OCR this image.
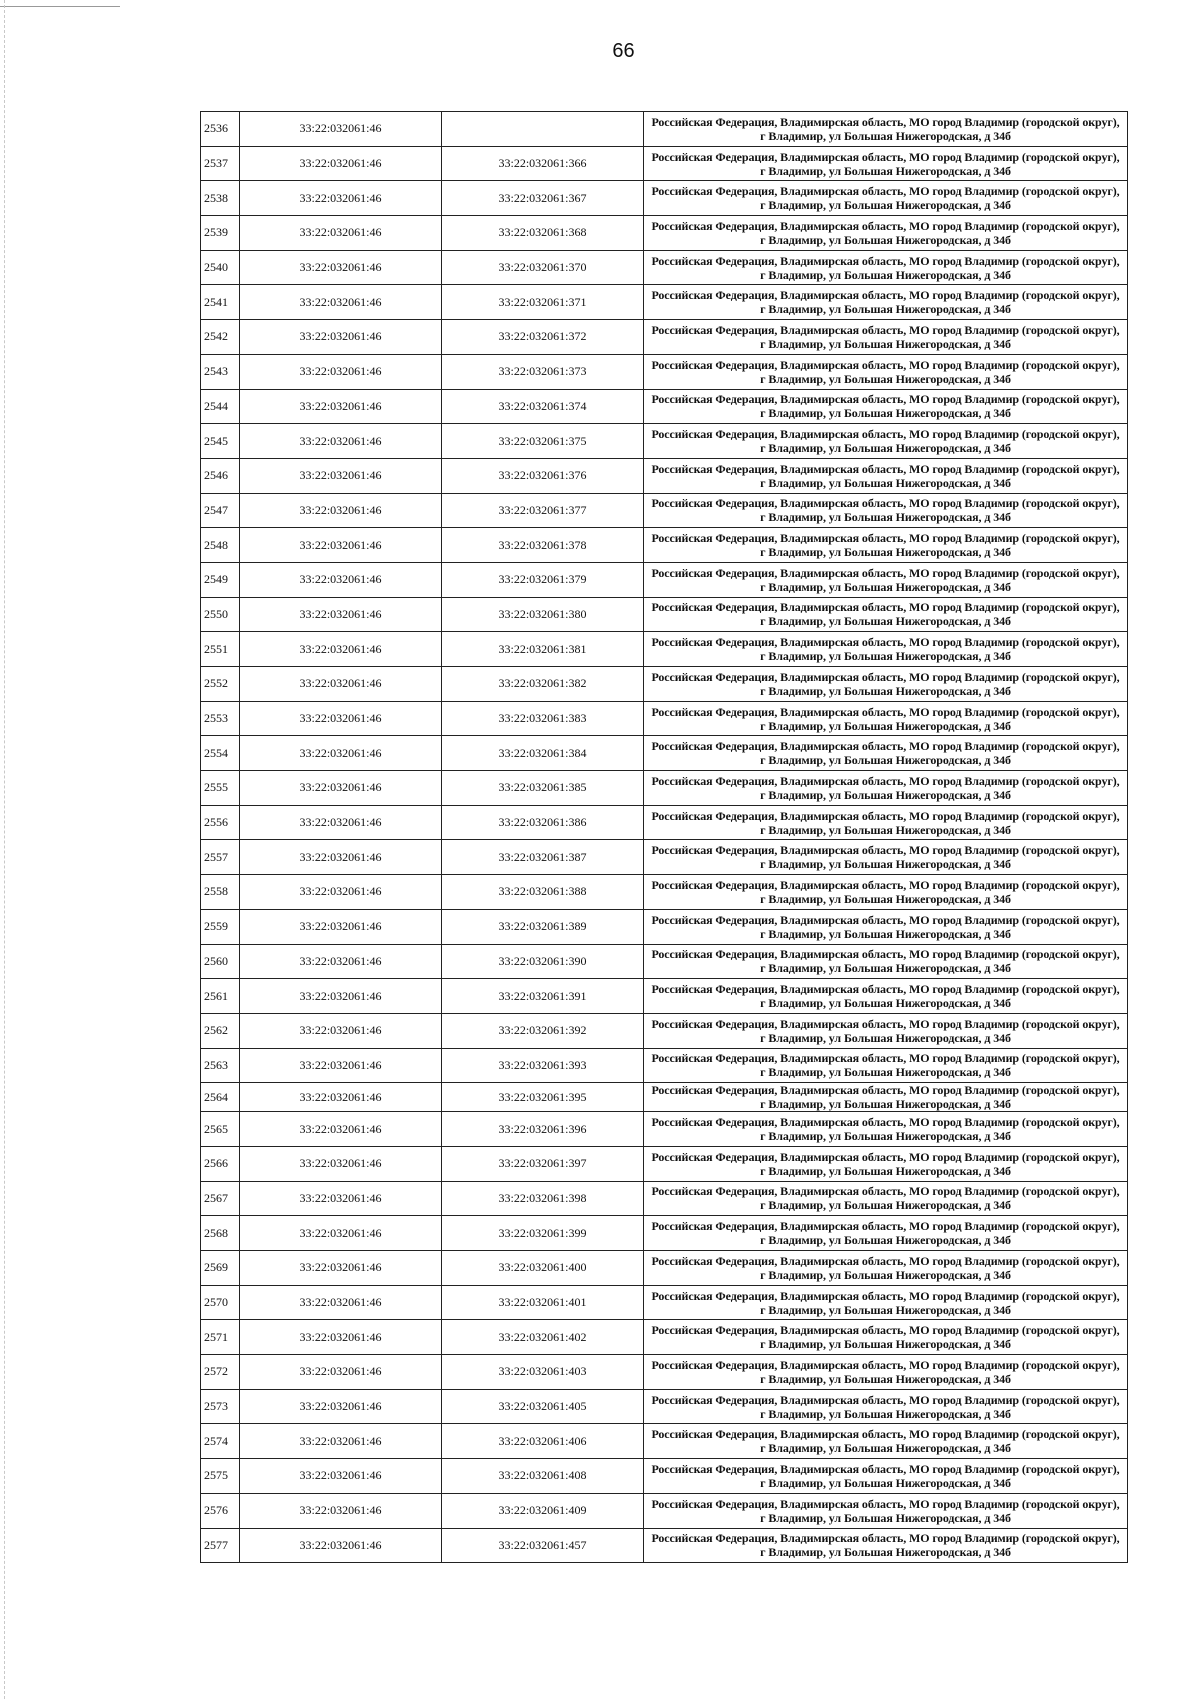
66
2536	33:22:032061:46		Российская Федерация, Владимирская область, МО город Владимир (городской округ),
г Владимир, ул Большая Нижегородская, д 34б

2537	33:22:032061:46	33:22:032061:366	Российская Федерация, Владимирская область, МО город Владимир (городской округ),
г Владимир, ул Большая Нижегородская, д 34б

2538	33:22:032061:46	33:22:032061:367	Российская Федерация, Владимирская область, МО город Владимир (городской округ),
г Владимир, ул Большая Нижегородская, д 34б

2539	33:22:032061:46	33:22:032061:368	Российская Федерация, Владимирская область, МО город Владимир (городской округ),
г Владимир, ул Большая Нижегородская, д 34б

2540	33:22:032061:46	33:22:032061:370	Российская Федерация, Владимирская область, МО город Владимир (городской округ),
г Владимир, ул Большая Нижегородская, д 34б

2541	33:22:032061:46	33:22:032061:371	Российская Федерация, Владимирская область, МО город Владимир (городской округ),
г Владимир, ул Большая Нижегородская, д 34б

2542	33:22:032061:46	33:22:032061:372	Российская Федерация, Владимирская область, МО город Владимир (городской округ),
г Владимир, ул Большая Нижегородская, д 34б

2543	33:22:032061:46	33:22:032061:373	Российская Федерация, Владимирская область, МО город Владимир (городской округ),
г Владимир, ул Большая Нижегородская, д 34б

2544	33:22:032061:46	33:22:032061:374	Российская Федерация, Владимирская область, МО город Владимир (городской округ),
г Владимир, ул Большая Нижегородская, д 34б

2545	33:22:032061:46	33:22:032061:375	Российская Федерация, Владимирская область, МО город Владимир (городской округ),
г Владимир, ул Большая Нижегородская, д 34б

2546	33:22:032061:46	33:22:032061:376	Российская Федерация, Владимирская область, МО город Владимир (городской округ),
г Владимир, ул Большая Нижегородская, д 34б

2547	33:22:032061:46	33:22:032061:377	Российская Федерация, Владимирская область, МО город Владимир (городской округ),
г Владимир, ул Большая Нижегородская, д 34б

2548	33:22:032061:46	33:22:032061:378	Российская Федерация, Владимирская область, МО город Владимир (городской округ),
г Владимир, ул Большая Нижегородская, д 34б

2549	33:22:032061:46	33:22:032061:379	Российская Федерация, Владимирская область, МО город Владимир (городской округ),
г Владимир, ул Большая Нижегородская, д 34б

2550	33:22:032061:46	33:22:032061:380	Российская Федерация, Владимирская область, МО город Владимир (городской округ),
г Владимир, ул Большая Нижегородская, д 34б

2551	33:22:032061:46	33:22:032061:381	Российская Федерация, Владимирская область, МО город Владимир (городской округ),
г Владимир, ул Большая Нижегородская, д 34б

2552	33:22:032061:46	33:22:032061:382	Российская Федерация, Владимирская область, МО город Владимир (городской округ),
г Владимир, ул Большая Нижегородская, д 34б

2553	33:22:032061:46	33:22:032061:383	Российская Федерация, Владимирская область, МО город Владимир (городской округ),
г Владимир, ул Большая Нижегородская, д 34б

2554	33:22:032061:46	33:22:032061:384	Российская Федерация, Владимирская область, МО город Владимир (городской округ),
г Владимир, ул Большая Нижегородская, д 34б

2555	33:22:032061:46	33:22:032061:385	Российская Федерация, Владимирская область, МО город Владимир (городской округ),
г Владимир, ул Большая Нижегородская, д 34б

2556	33:22:032061:46	33:22:032061:386	Российская Федерация, Владимирская область, МО город Владимир (городской округ),
г Владимир, ул Большая Нижегородская, д 34б

2557	33:22:032061:46	33:22:032061:387	Российская Федерация, Владимирская область, МО город Владимир (городской округ),
г Владимир, ул Большая Нижегородская, д 34б

2558	33:22:032061:46	33:22:032061:388	Российская Федерация, Владимирская область, МО город Владимир (городской округ),
г Владимир, ул Большая Нижегородская, д 34б

2559	33:22:032061:46	33:22:032061:389	Российская Федерация, Владимирская область, МО город Владимир (городской округ),
г Владимир, ул Большая Нижегородская, д 34б

2560	33:22:032061:46	33:22:032061:390	Российская Федерация, Владимирская область, МО город Владимир (городской округ),
г Владимир, ул Большая Нижегородская, д 34б

2561	33:22:032061:46	33:22:032061:391	Российская Федерация, Владимирская область, МО город Владимир (городской округ),
г Владимир, ул Большая Нижегородская, д 34б

2562	33:22:032061:46	33:22:032061:392	Российская Федерация, Владимирская область, МО город Владимир (городской округ),
г Владимир, ул Большая Нижегородская, д 34б

2563	33:22:032061:46	33:22:032061:393	Российская Федерация, Владимирская область, МО город Владимир (городской округ),
г Владимир, ул Большая Нижегородская, д 34б

2564	33:22:032061:46	33:22:032061:395	Российская Федерация, Владимирская область, МО город Владимир (городской округ),
г Владимир, ул Большая Нижегородская, д 34б

2565	33:22:032061:46	33:22:032061:396	Российская Федерация, Владимирская область, МО город Владимир (городской округ),
г Владимир, ул Большая Нижегородская, д 34б

2566	33:22:032061:46	33:22:032061:397	Российская Федерация, Владимирская область, МО город Владимир (городской округ),
г Владимир, ул Большая Нижегородская, д 34б

2567	33:22:032061:46	33:22:032061:398	Российская Федерация, Владимирская область, МО город Владимир (городской округ),
г Владимир, ул Большая Нижегородская, д 34б

2568	33:22:032061:46	33:22:032061:399	Российская Федерация, Владимирская область, МО город Владимир (городской округ),
г Владимир, ул Большая Нижегородская, д 34б

2569	33:22:032061:46	33:22:032061:400	Российская Федерация, Владимирская область, МО город Владимир (городской округ),
г Владимир, ул Большая Нижегородская, д 34б

2570	33:22:032061:46	33:22:032061:401	Российская Федерация, Владимирская область, МО город Владимир (городской округ),
г Владимир, ул Большая Нижегородская, д 34б

2571	33:22:032061:46	33:22:032061:402	Российская Федерация, Владимирская область, МО город Владимир (городской округ),
г Владимир, ул Большая Нижегородская, д 34б

2572	33:22:032061:46	33:22:032061:403	Российская Федерация, Владимирская область, МО город Владимир (городской округ),
г Владимир, ул Большая Нижегородская, д 34б

2573	33:22:032061:46	33:22:032061:405	Российская Федерация, Владимирская область, МО город Владимир (городской округ),
г Владимир, ул Большая Нижегородская, д 34б

2574	33:22:032061:46	33:22:032061:406	Российская Федерация, Владимирская область, МО город Владимир (городской округ),
г Владимир, ул Большая Нижегородская, д 34б

2575	33:22:032061:46	33:22:032061:408	Российская Федерация, Владимирская область, МО город Владимир (городской округ),
г Владимир, ул Большая Нижегородская, д 34б

2576	33:22:032061:46	33:22:032061:409	Российская Федерация, Владимирская область, МО город Владимир (городской округ),
г Владимир, ул Большая Нижегородская, д 34б

2577	33:22:032061:46	33:22:032061:457	Российская Федерация, Владимирская область, МО город Владимир (городской округ),
г Владимир, ул Большая Нижегородская, д 34б
